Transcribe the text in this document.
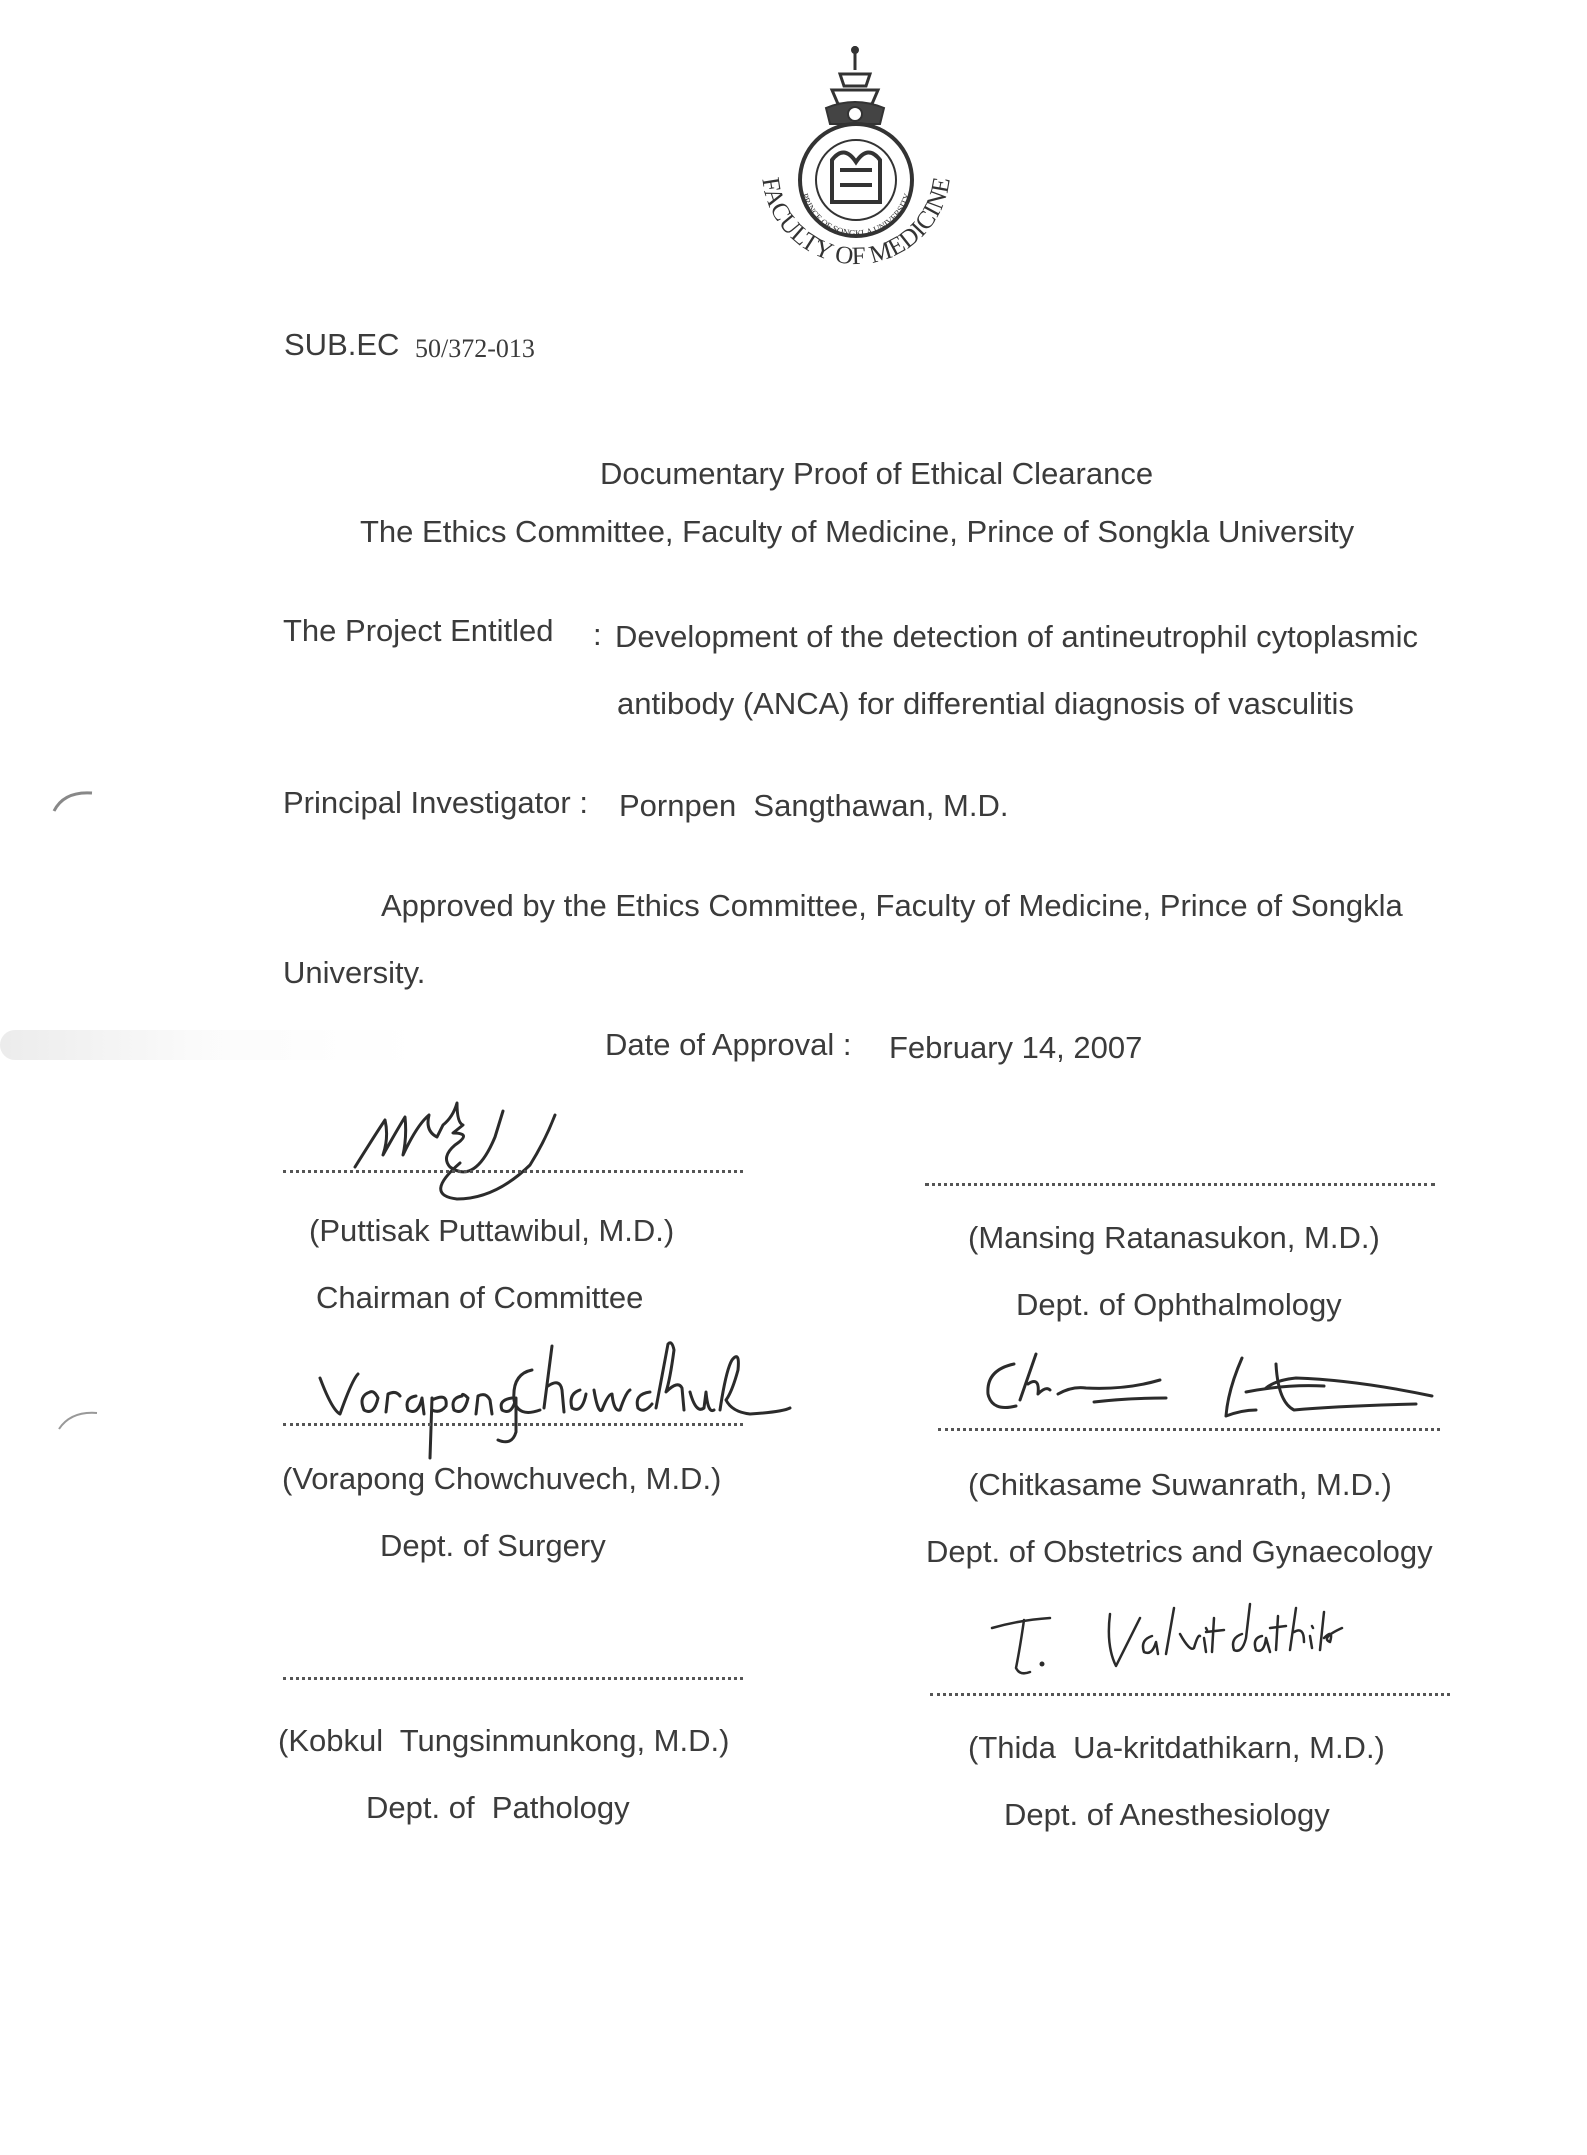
PRINCE OF SONGKLA UNIVERSITY
FACULTY OF MEDICINE
SUB.EC 50/372-013
Documentary Proof of Ethical Clearance
The Ethics Committee, Faculty of Medicine, Prince of Songkla University
The Project Entitled : Development of the detection of antineutrophil cytoplasmic
antibody (ANCA) for differential diagnosis of vasculitis
Principal Investigator : Pornpen  Sangthawan, M.D.
Approved by the Ethics Committee, Faculty of Medicine, Prince of Songkla
University.
Date of Approval : February 14, 2007
(Puttisak Puttawibul, M.D.)
Chairman of Committee
(Mansing Ratanasukon, M.D.)
Dept. of Ophthalmology
(Vorapong Chowchuvech, M.D.)
Dept. of Surgery
(Chitkasame Suwanrath, M.D.)
Dept. of Obstetrics and Gynaecology
(Kobkul  Tungsinmunkong, M.D.)
Dept. of  Pathology
(Thida  Ua-kritdathikarn, M.D.)
Dept. of Anesthesiology
